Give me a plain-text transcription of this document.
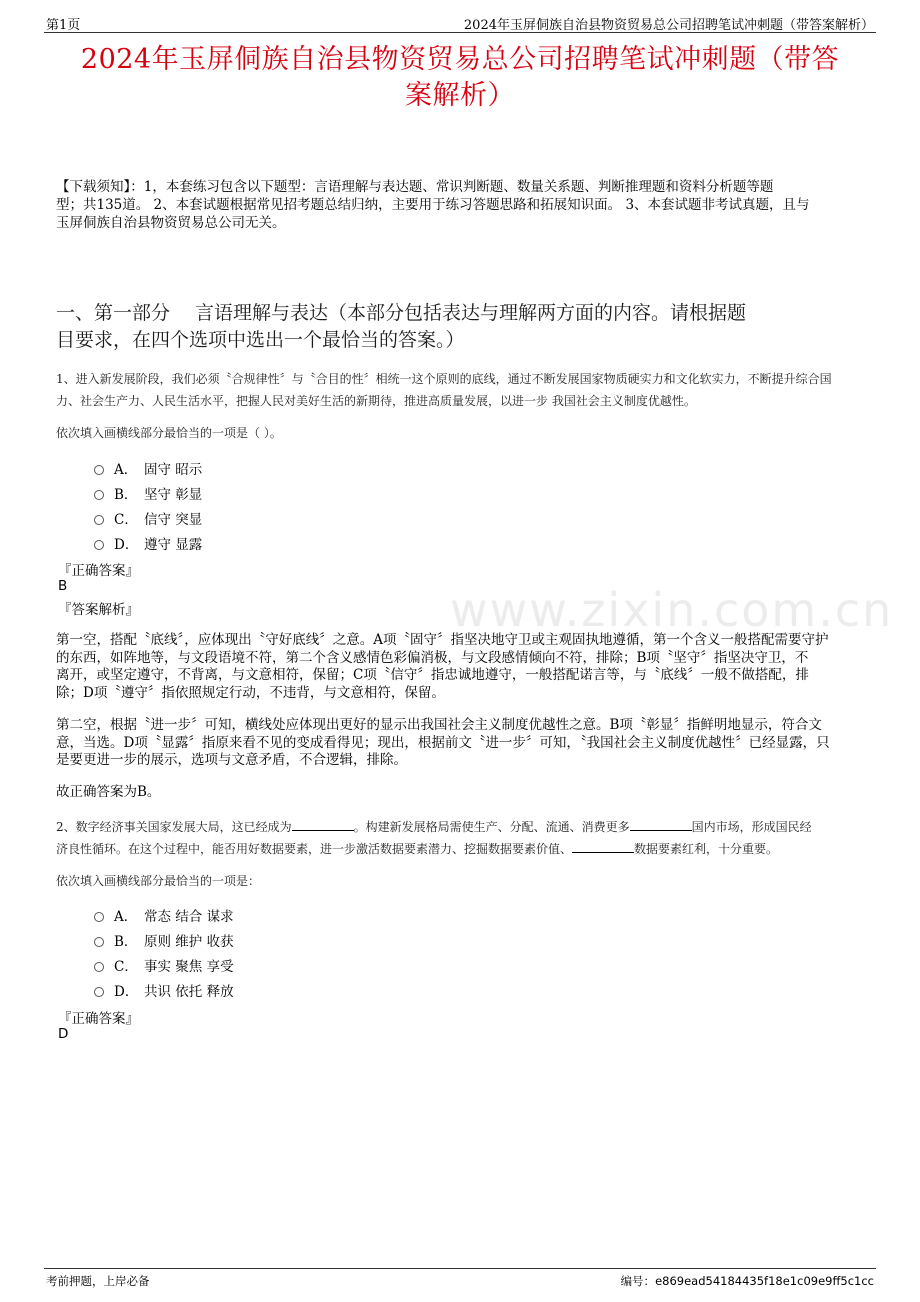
第1页	2024年玉屏侗族自治县物资贸易总公司招聘笔试冲刺题（带答案解析）
www.zixin.com.cn
2024年玉屏侗族自治县物资贸易总公司招聘笔试冲刺题（带答
案解析）
【下载须知】：1，本套练习包含以下题型：言语理解与表达题、常识判断题、数量关系题、判断推理题和资料分析题等题
型；共135道。 2、本套试题根据常见招考题总结归纳，主要用于练习答题思路和拓展知识面。 3、本套试题非考试真题，且与
玉屏侗族自治县物资贸易总公司无关。
一、第一部分　 言语理解与表达（本部分包括表达与理解两方面的内容。请根据题
目要求，在四个选项中选出一个最恰当的答案。）
1、进入新发展阶段，我们必须〝合规律性〞与〝合目的性〞相统一这个原则的底线，通过不断发展国家物质硬实力和文化软实力，不断提升综合国
力、社会生产力、人民生活水平，把握人民对美好生活的新期待，推进高质量发展，以进一步 我国社会主义制度优越性。
依次填入画横线部分最恰当的一项是（ ）。
A． 固守 昭示
B． 坚守 彰显
C． 信守 突显
D． 遵守 显露
『正确答案』
B
『答案解析』
第一空，搭配〝底线〞，应体现出〝守好底线〞之意。A项〝固守〞指坚决地守卫或主观固执地遵循，第一个含义一般搭配需要守护
的东西，如阵地等，与文段语境不符，第二个含义感情色彩偏消极，与文段感情倾向不符，排除；B项〝坚守〞指坚决守卫，不
离开，或坚定遵守，不背离，与文意相符，保留；C项〝信守〞指忠诚地遵守，一般搭配诺言等，与〝底线〞一般不做搭配，排
除；D项〝遵守〞指依照规定行动，不违背，与文意相符，保留。
第二空，根据〝进一步〞可知，横线处应体现出更好的显示出我国社会主义制度优越性之意。B项〝彰显〞指鲜明地显示，符合文
意，当选。D项〝显露〞指原来看不见的变成看得见；现出，根据前文〝进一步〞可知，〝我国社会主义制度优越性〞已经显露，只
是要更进一步的展示，选项与文意矛盾，不合逻辑，排除。
故正确答案为B。
2、数字经济事关国家发展大局，这已经成为	。构建新发展格局需使生产、分配、流通、消费更多	国内市场，形成国民经
济良性循环。在这个过程中，能否用好数据要素，进一步激活数据要素潜力、挖掘数据要素价值、	数据要素红利，十分重要。
依次填入画横线部分最恰当的一项是：
A． 常态 结合 谋求
B． 原则 维护 收获
C． 事实 聚焦 享受
D． 共识 依托 释放
『正确答案』
D
考前押题，上岸必备	编号：e869ead54184435f18e1c09e9ff5c1cc
